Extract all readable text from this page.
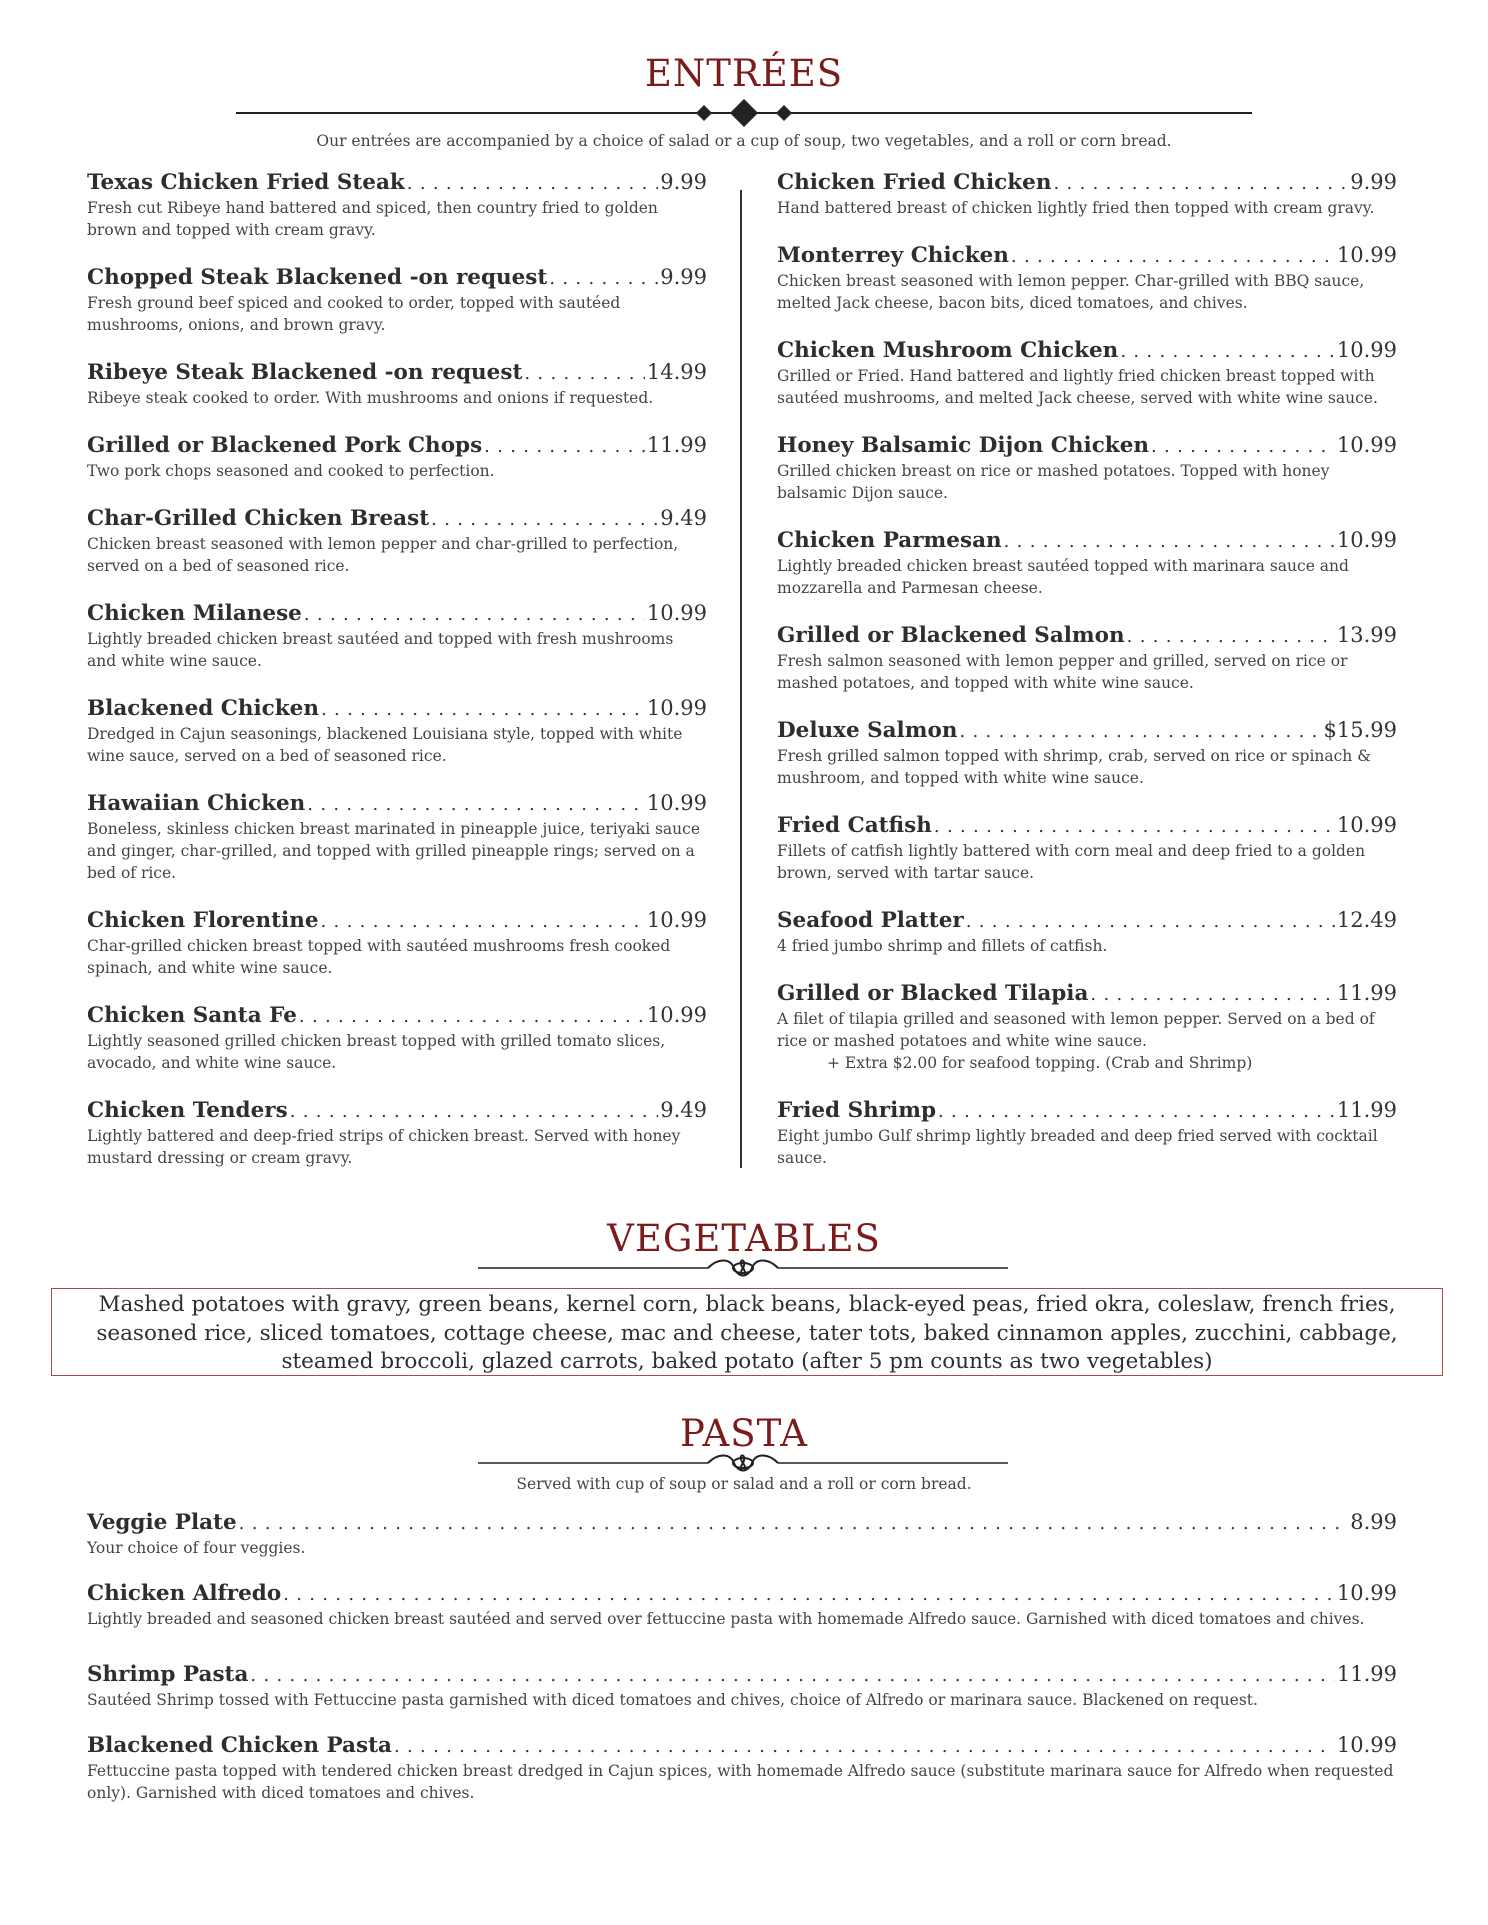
ENTRÉES
Our entrées are accompanied by a choice of salad or a cup of soup, two vegetables, and a roll or corn bread.
Texas Chicken Fried Steak . . .	9.99
Fresh cut Ribeye hand battered and spiced, then country fried to golden brown and topped with cream gravy.
Chopped Steak Blackened -on request . . .	9.99
Fresh ground beef spiced and cooked to order, topped with sautéed mushrooms, onions, and brown gravy.
Ribeye Steak Blackened -on request . . .	14.99
Ribeye steak cooked to order. With mushrooms and onions if requested.
Grilled or Blackened Pork Chops . . .	11.99
Two pork chops seasoned and cooked to perfection.
Char-Grilled Chicken Breast . . .	9.49
Chicken breast seasoned with lemon pepper and char-grilled to perfection, served on a bed of seasoned rice.
Chicken Milanese . . .	10.99
Lightly breaded chicken breast sautéed and topped with fresh mushrooms and white wine sauce.
Blackened Chicken . . .	10.99
Dredged in Cajun seasonings, blackened Louisiana style, topped with white wine sauce, served on a bed of seasoned rice.
Hawaiian Chicken . . .	10.99
Boneless, skinless chicken breast marinated in pineapple juice, teriyaki sauce and ginger, char-grilled, and topped with grilled pineapple rings; served on a bed of rice.
Chicken Florentine . . .	10.99
Char-grilled chicken breast topped with sautéed mushrooms fresh cooked spinach, and white wine sauce.
Chicken Santa Fe . . .	10.99
Lightly seasoned grilled chicken breast topped with grilled tomato slices, avocado, and white wine sauce.
Chicken Tenders . . .	9.49
Lightly battered and deep-fried strips of chicken breast. Served with honey mustard dressing or cream gravy.
Chicken Fried Chicken . . .	9.99
Hand battered breast of chicken lightly fried then topped with cream gravy.
Monterrey Chicken . . .	10.99
Chicken breast seasoned with lemon pepper. Char-grilled with BBQ sauce, melted Jack cheese, bacon bits, diced tomatoes, and chives.
Chicken Mushroom Chicken . . .	10.99
Grilled or Fried. Hand battered and lightly fried chicken breast topped with sautéed mushrooms, and melted Jack cheese, served with white wine sauce.
Honey Balsamic Dijon Chicken . . .	10.99
Grilled chicken breast on rice or mashed potatoes. Topped with honey balsamic Dijon sauce.
Chicken Parmesan . . .	10.99
Lightly breaded chicken breast sautéed topped with marinara sauce and mozzarella and Parmesan cheese.
Grilled or Blackened Salmon . . .	13.99
Fresh salmon seasoned with lemon pepper and grilled, served on rice or mashed potatoes, and topped with white wine sauce.
Deluxe Salmon . . .	$15.99
Fresh grilled salmon topped with shrimp, crab, served on rice or spinach & mushroom, and topped with white wine sauce.
Fried Catfish . . .	10.99
Fillets of catfish lightly battered with corn meal and deep fried to a golden brown, served with tartar sauce.
Seafood Platter . . .	12.49
4 fried jumbo shrimp and fillets of catfish.
Grilled or Blacked Tilapia . . .	11.99
A filet of tilapia grilled and seasoned with lemon pepper. Served on a bed of rice or mashed potatoes and white wine sauce.
+ Extra $2.00 for seafood topping. (Crab and Shrimp)
Fried Shrimp . . .	11.99
Eight jumbo Gulf shrimp lightly breaded and deep fried served with cocktail sauce.
VEGETABLES
Mashed potatoes with gravy, green beans, kernel corn, black beans, black-eyed peas, fried okra, coleslaw, french fries, seasoned rice, sliced tomatoes, cottage cheese, mac and cheese, tater tots, baked cinnamon apples, zucchini, cabbage, steamed broccoli, glazed carrots, baked potato (after 5 pm counts as two vegetables)
PASTA
Served with cup of soup or salad and a roll or corn bread.
Veggie Plate . . .	8.99
Your choice of four veggies.
Chicken Alfredo . . .	10.99
Lightly breaded and seasoned chicken breast sautéed and served over fettuccine pasta with homemade Alfredo sauce. Garnished with diced tomatoes and chives.
Shrimp Pasta . . .	11.99
Sautéed Shrimp tossed with Fettuccine pasta garnished with diced tomatoes and chives, choice of Alfredo or marinara sauce. Blackened on request.
Blackened Chicken Pasta . . .	10.99
Fettuccine pasta topped with tendered chicken breast dredged in Cajun spices, with homemade Alfredo sauce (substitute marinara sauce for Alfredo when requested only). Garnished with diced tomatoes and chives.
